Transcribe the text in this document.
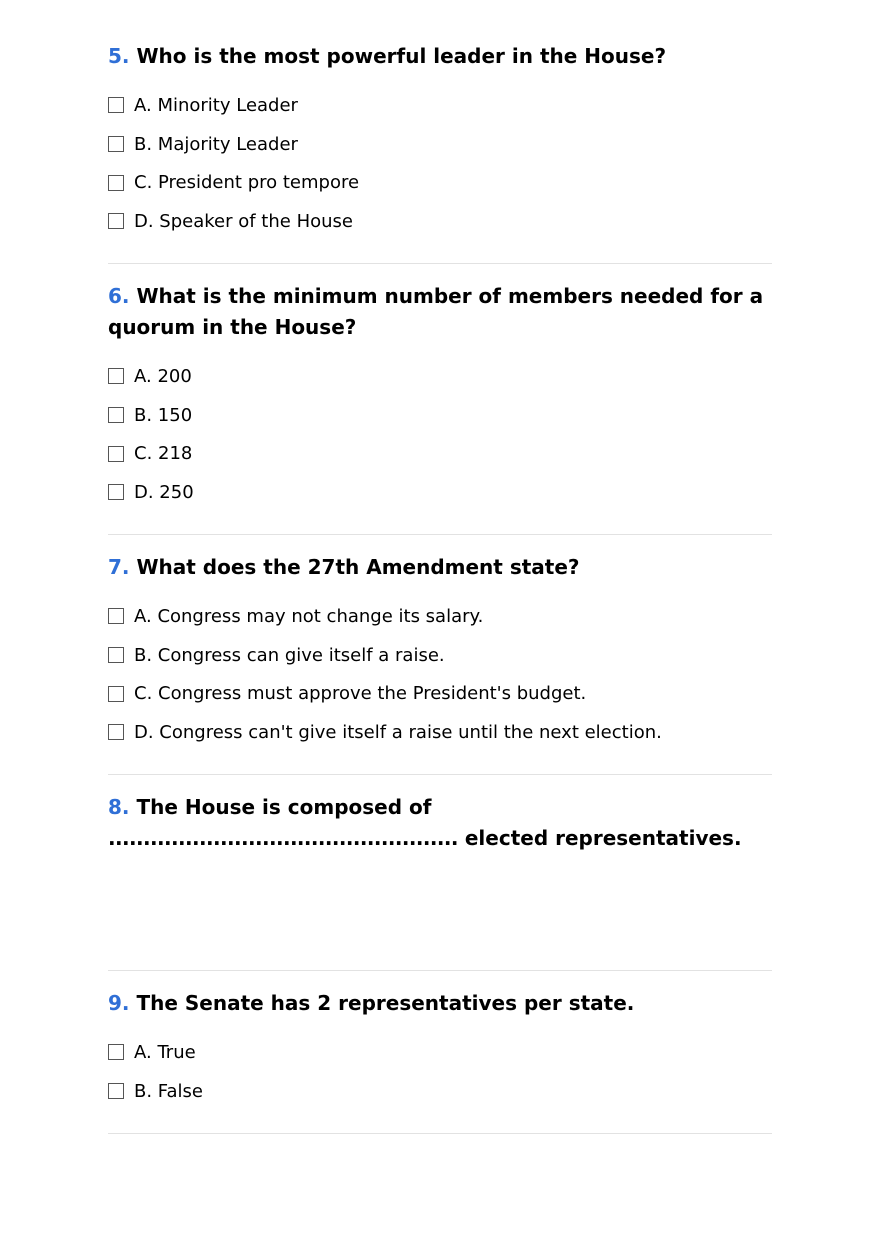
5. Who is the most powerful leader in the House?

A. Minority Leader
B. Majority Leader
C. President pro tempore
D. Speaker of the House

6. What is the minimum number of members needed for a quorum in the House?

A. 200
B. 150
C. 218
D. 250

7. What does the 27th Amendment state?

A. Congress may not change its salary.
B. Congress can give itself a raise.
C. Congress must approve the President's budget.
D. Congress can't give itself a raise until the next election.

8. The House is composed of
.................................................. elected representatives.

9. The Senate has 2 representatives per state.

A. True
B. False
